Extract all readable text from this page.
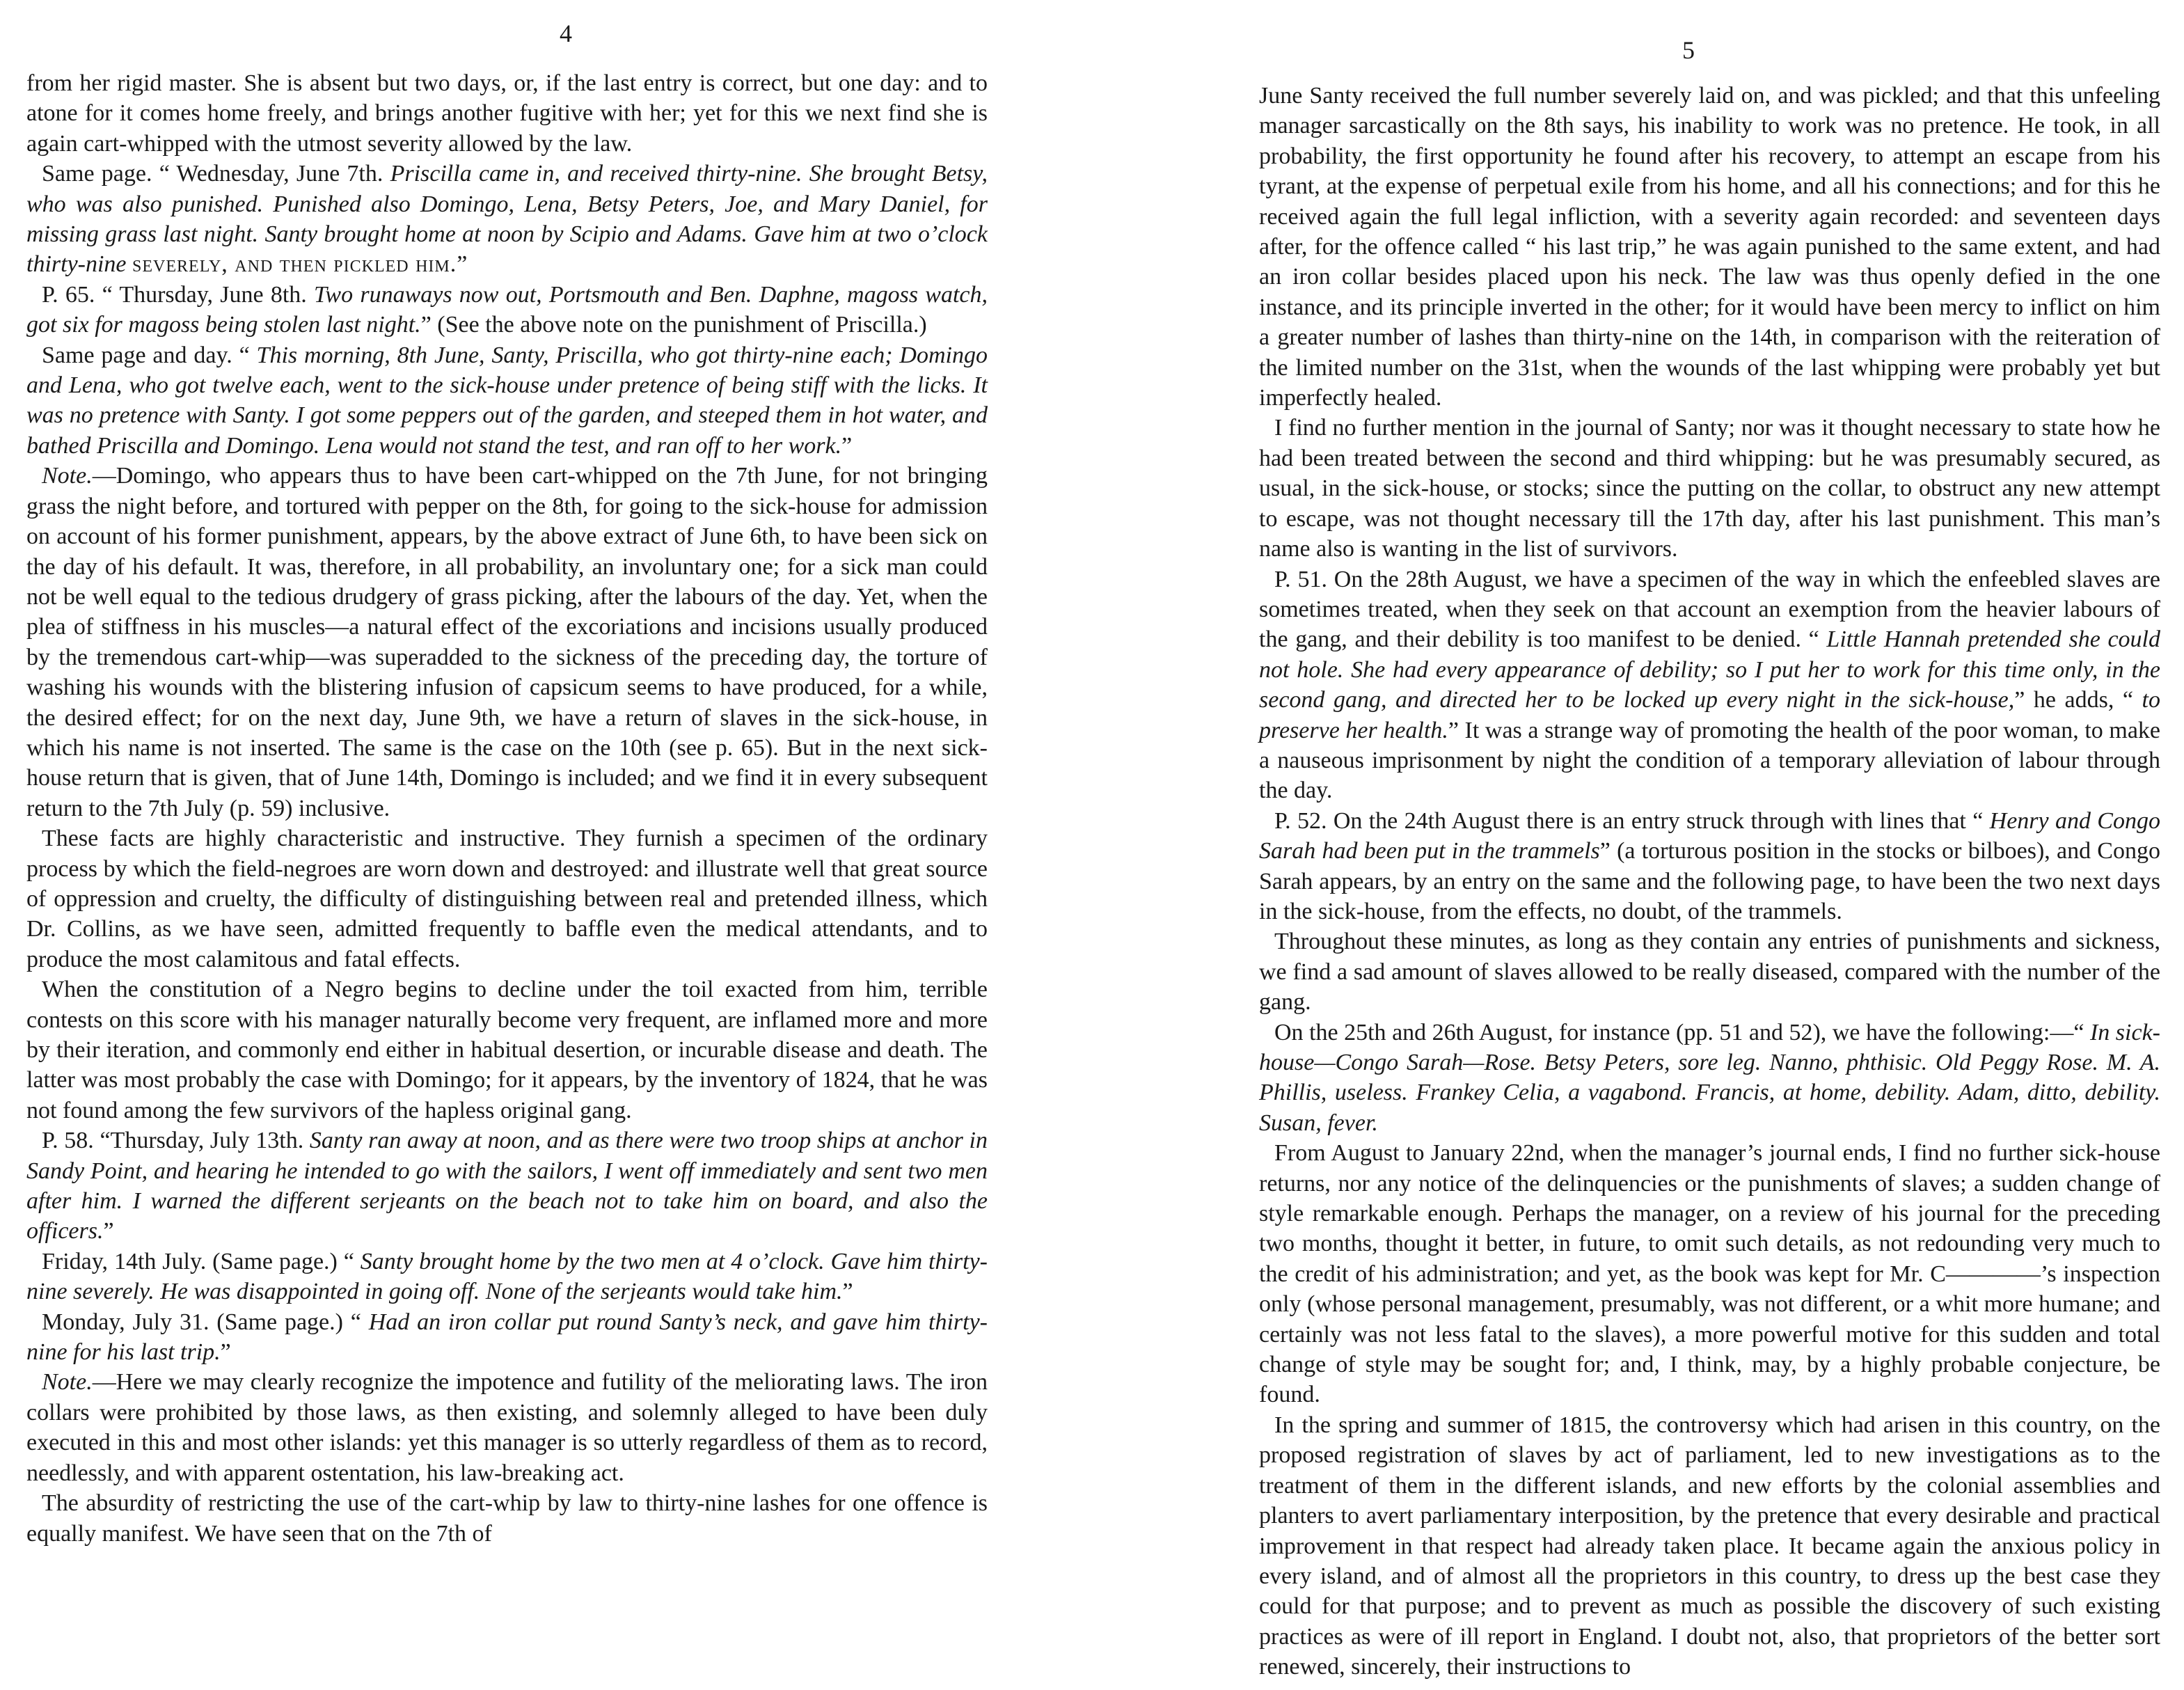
4

from her rigid master. She is absent but two days, or, if the last entry is correct, but one day: and to atone for it comes home freely, and brings another fugitive with her; yet for this we next find she is again cart-whipped with the utmost severity allowed by the law.

Same page. “ Wednesday, June 7th. Priscilla came in, and received thirty-nine. She brought Betsy, who was also punished. Punished also Domingo, Lena, Betsy Peters, Joe, and Mary Daniel, for missing grass last night. Santy brought home at noon by Scipio and Adams. Gave him at two o’clock thirty-nine severely, and then pickled him.”

P. 65. “ Thursday, June 8th. Two runaways now out, Portsmouth and Ben. Daphne, magoss watch, got six for magoss being stolen last night.” (See the above note on the punishment of Priscilla.)

Same page and day. “ This morning, 8th June, Santy, Priscilla, who got thirty-nine each; Domingo and Lena, who got twelve each, went to the sick-house under pretence of being stiff with the licks. It was no pretence with Santy. I got some peppers out of the garden, and steeped them in hot water, and bathed Priscilla and Domingo. Lena would not stand the test, and ran off to her work.”

Note.—Domingo, who appears thus to have been cart-whipped on the 7th June, for not bringing grass the night before, and tortured with pepper on the 8th, for going to the sick-house for admission on account of his former punishment, appears, by the above extract of June 6th, to have been sick on the day of his default. It was, therefore, in all probability, an involuntary one; for a sick man could not be well equal to the tedious drudgery of grass picking, after the labours of the day. Yet, when the plea of stiffness in his muscles—a natural effect of the excoriations and incisions usually produced by the tremendous cart-whip—was superadded to the sickness of the preceding day, the torture of washing his wounds with the blistering infusion of capsicum seems to have produced, for a while, the desired effect; for on the next day, June 9th, we have a return of slaves in the sick-house, in which his name is not inserted. The same is the case on the 10th (see p. 65). But in the next sick-house return that is given, that of June 14th, Domingo is included; and we find it in every subsequent return to the 7th July (p. 59) inclusive.

These facts are highly characteristic and instructive. They furnish a specimen of the ordinary process by which the field-negroes are worn down and destroyed: and illustrate well that great source of oppression and cruelty, the difficulty of distinguishing between real and pretended illness, which Dr. Collins, as we have seen, admitted frequently to baffle even the medical attendants, and to produce the most calamitous and fatal effects.

When the constitution of a Negro begins to decline under the toil exacted from him, terrible contests on this score with his manager naturally become very frequent, are inflamed more and more by their iteration, and commonly end either in habitual desertion, or incurable disease and death. The latter was most probably the case with Domingo; for it appears, by the inventory of 1824, that he was not found among the few survivors of the hapless original gang.

P. 58. “Thursday, July 13th. Santy ran away at noon, and as there were two troop ships at anchor in Sandy Point, and hearing he intended to go with the sailors, I went off immediately and sent two men after him. I warned the different serjeants on the beach not to take him on board, and also the officers.”

Friday, 14th July. (Same page.) “ Santy brought home by the two men at 4 o’clock. Gave him thirty-nine severely. He was disappointed in going off. None of the serjeants would take him.”

Monday, July 31. (Same page.) “ Had an iron collar put round Santy’s neck, and gave him thirty-nine for his last trip.”

Note.—Here we may clearly recognize the impotence and futility of the meliorating laws. The iron collars were prohibited by those laws, as then existing, and solemnly alleged to have been duly executed in this and most other islands: yet this manager is so utterly regardless of them as to record, needlessly, and with apparent ostentation, his law-breaking act.

The absurdity of restricting the use of the cart-whip by law to thirty-nine lashes for one offence is equally manifest. We have seen that on the 7th of

5

June Santy received the full number severely laid on, and was pickled; and that this unfeeling manager sarcastically on the 8th says, his inability to work was no pretence. He took, in all probability, the first opportunity he found after his recovery, to attempt an escape from his tyrant, at the expense of perpetual exile from his home, and all his connections; and for this he received again the full legal infliction, with a severity again recorded: and seventeen days after, for the offence called “ his last trip,” he was again punished to the same extent, and had an iron collar besides placed upon his neck. The law was thus openly defied in the one instance, and its principle inverted in the other; for it would have been mercy to inflict on him a greater number of lashes than thirty-nine on the 14th, in comparison with the reiteration of the limited number on the 31st, when the wounds of the last whipping were probably yet but imperfectly healed.

I find no further mention in the journal of Santy; nor was it thought necessary to state how he had been treated between the second and third whipping: but he was presumably secured, as usual, in the sick-house, or stocks; since the putting on the collar, to obstruct any new attempt to escape, was not thought necessary till the 17th day, after his last punishment. This man’s name also is wanting in the list of survivors.

P. 51. On the 28th August, we have a specimen of the way in which the enfeebled slaves are sometimes treated, when they seek on that account an exemption from the heavier labours of the gang, and their debility is too manifest to be denied. “ Little Hannah pretended she could not hole. She had every appearance of debility; so I put her to work for this time only, in the second gang, and directed her to be locked up every night in the sick-house,” he adds, “ to preserve her health.” It was a strange way of promoting the health of the poor woman, to make a nauseous imprisonment by night the condition of a temporary alleviation of labour through the day.

P. 52. On the 24th August there is an entry struck through with lines that “ Henry and Congo Sarah had been put in the trammels” (a torturous position in the stocks or bilboes), and Congo Sarah appears, by an entry on the same and the following page, to have been the two next days in the sick-house, from the effects, no doubt, of the trammels.

Throughout these minutes, as long as they contain any entries of punishments and sickness, we find a sad amount of slaves allowed to be really diseased, compared with the number of the gang.

On the 25th and 26th August, for instance (pp. 51 and 52), we have the following:—“ In sick-house—Congo Sarah—Rose. Betsy Peters, sore leg. Nanno, phthisic. Old Peggy Rose. M. A. Phillis, useless. Frankey Celia, a vagabond. Francis, at home, debility. Adam, ditto, debility. Susan, fever.

From August to January 22nd, when the manager’s journal ends, I find no further sick-house returns, nor any notice of the delinquencies or the punishments of slaves; a sudden change of style remarkable enough. Perhaps the manager, on a review of his journal for the preceding two months, thought it better, in future, to omit such details, as not redounding very much to the credit of his administration; and yet, as the book was kept for Mr. C————’s inspection only (whose personal management, presumably, was not different, or a whit more humane; and certainly was not less fatal to the slaves), a more powerful motive for this sudden and total change of style may be sought for; and, I think, may, by a highly probable conjecture, be found.

In the spring and summer of 1815, the controversy which had arisen in this country, on the proposed registration of slaves by act of parliament, led to new investigations as to the treatment of them in the different islands, and new efforts by the colonial assemblies and planters to avert parliamentary interposition, by the pretence that every desirable and practical improvement in that respect had already taken place. It became again the anxious policy in every island, and of almost all the proprietors in this country, to dress up the best case they could for that purpose; and to prevent as much as possible the discovery of such existing practices as were of ill report in England. I doubt not, also, that proprietors of the better sort renewed, sincerely, their instructions to
